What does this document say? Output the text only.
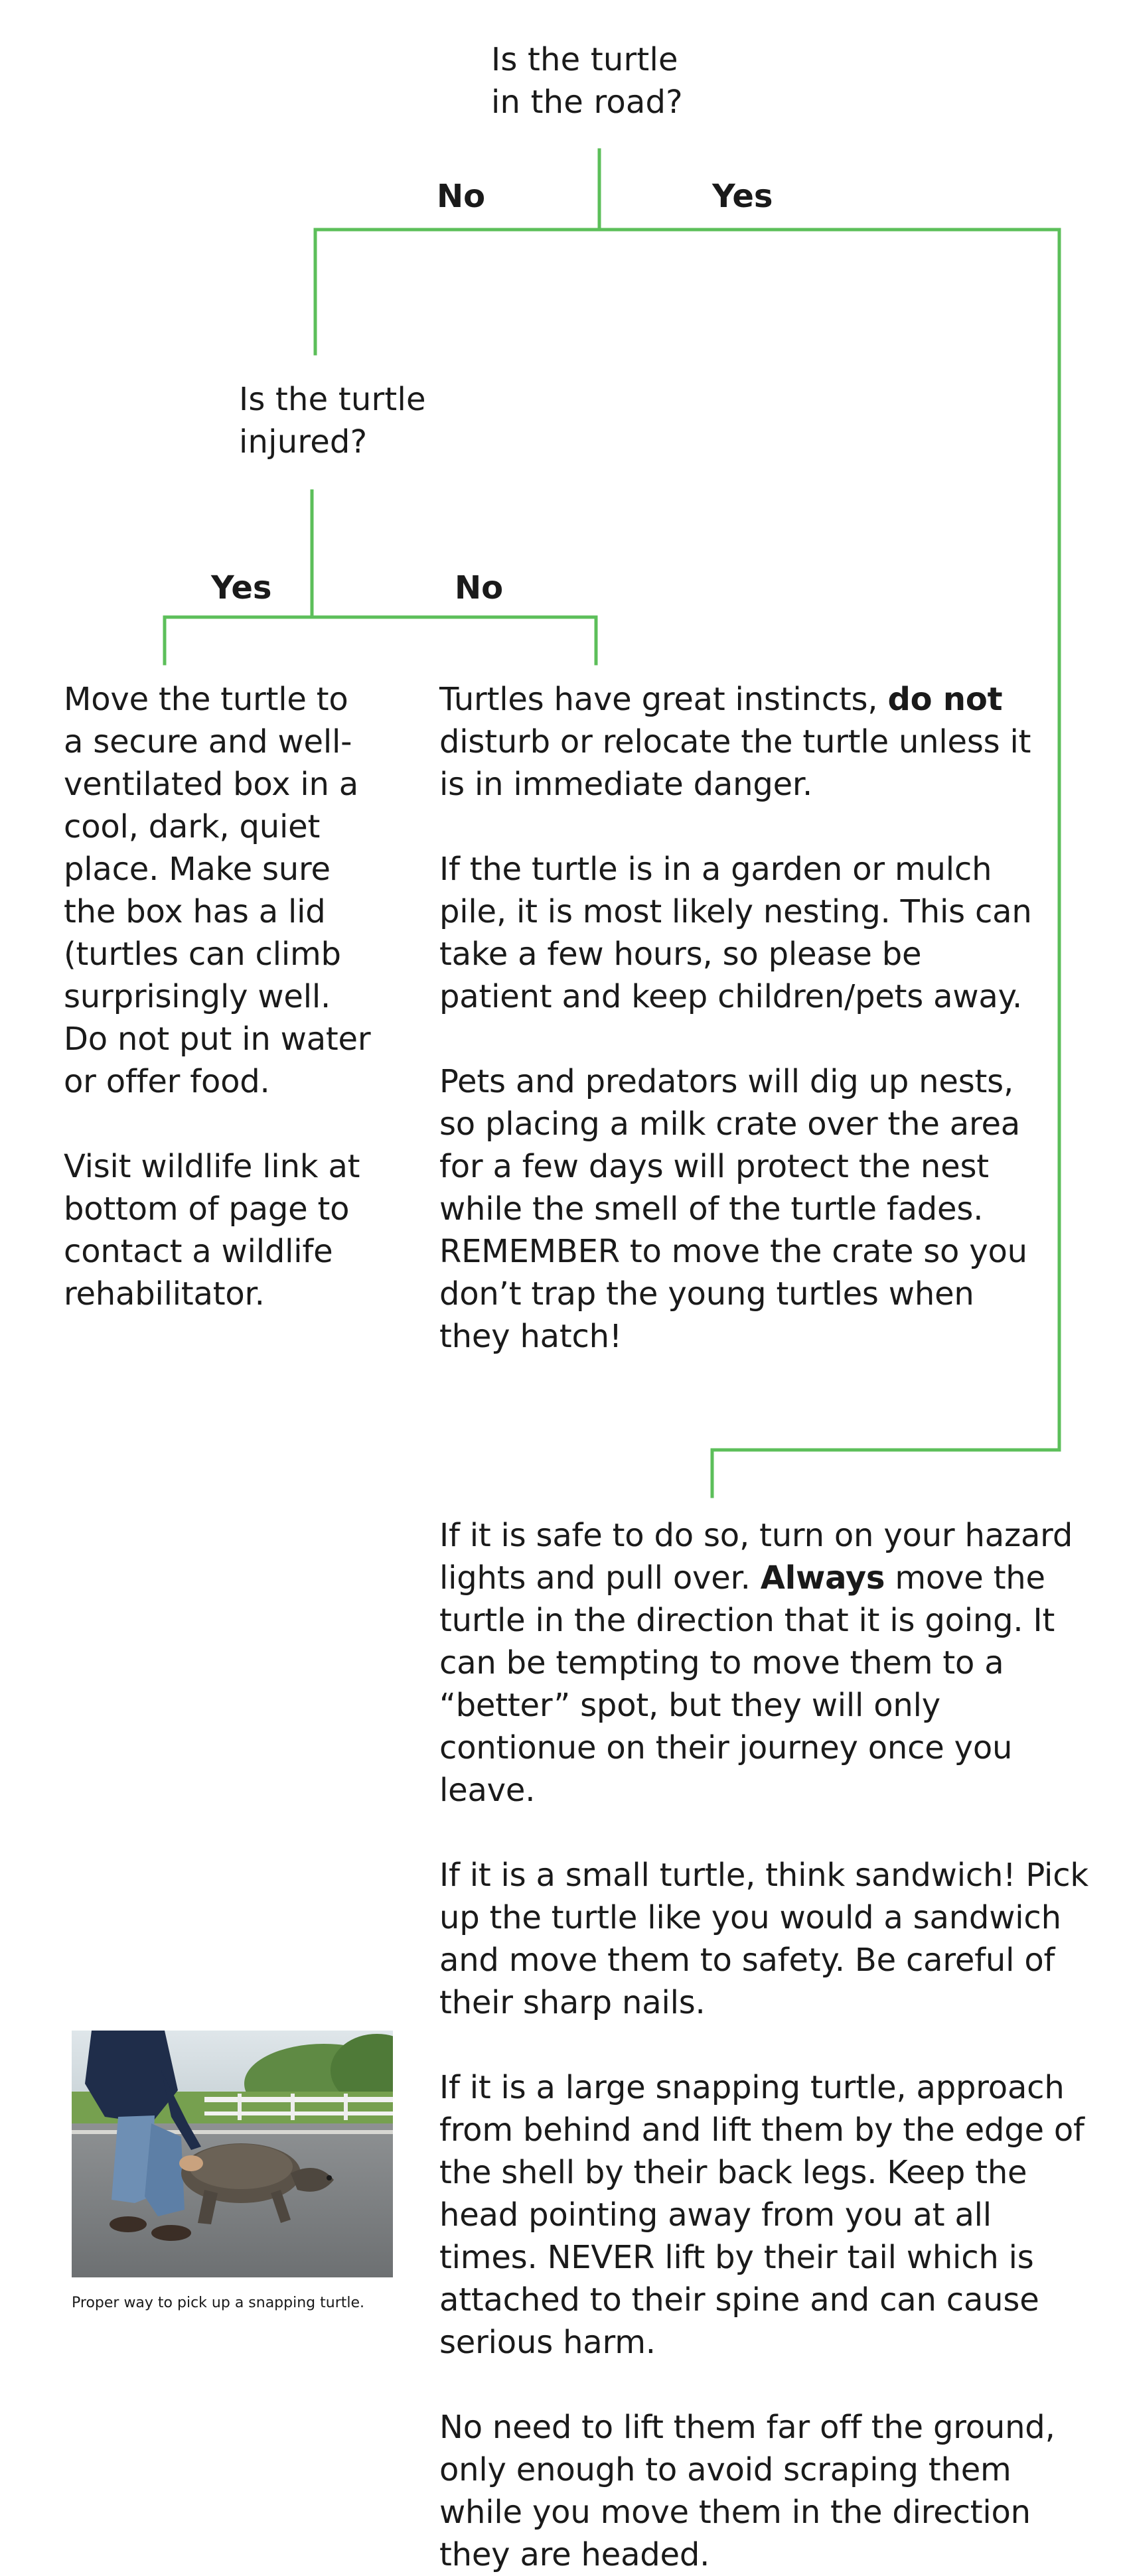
Is the turtle
in the road?
No	Yes
Is the turtle
injured?
Yes	No

Move the turtle to a secure and well-ventilated box in a cool, dark, quiet place. Make sure the box has a lid (turtles can climb surprisingly well. Do not put in water or offer food.

Visit wildlife link at bottom of page to contact a wildlife rehabilitator.

Turtles have great instincts, do not disturb or relocate the turtle unless it is in immediate danger.

If the turtle is in a garden or mulch pile, it is most likely nesting. This can take a few hours, so please be patient and keep children/pets away.

Pets and predators will dig up nests, so placing a milk crate over the area for a few days will protect the nest while the smell of the turtle fades. REMEMBER to move the crate so you don’t trap the young turtles when they hatch!

If it is safe to do so, turn on your hazard lights and pull over. Always move the turtle in the direction that it is going. It can be tempting to move them to a “better” spot, but they will only contionue on their journey once you leave.

If it is a small turtle, think sandwich! Pick up the turtle like you would a sandwich and move them to safety. Be careful of their sharp nails.

If it is a large snapping turtle, approach from behind and lift them by the edge of the shell by their back legs. Keep the head pointing away from you at all times. NEVER lift by their tail which is attached to their spine and can cause serious harm.

No need to lift them far off the ground, only enough to avoid scraping them while you move them in the direction they are headed.

Proper way to pick up a snapping turtle.
